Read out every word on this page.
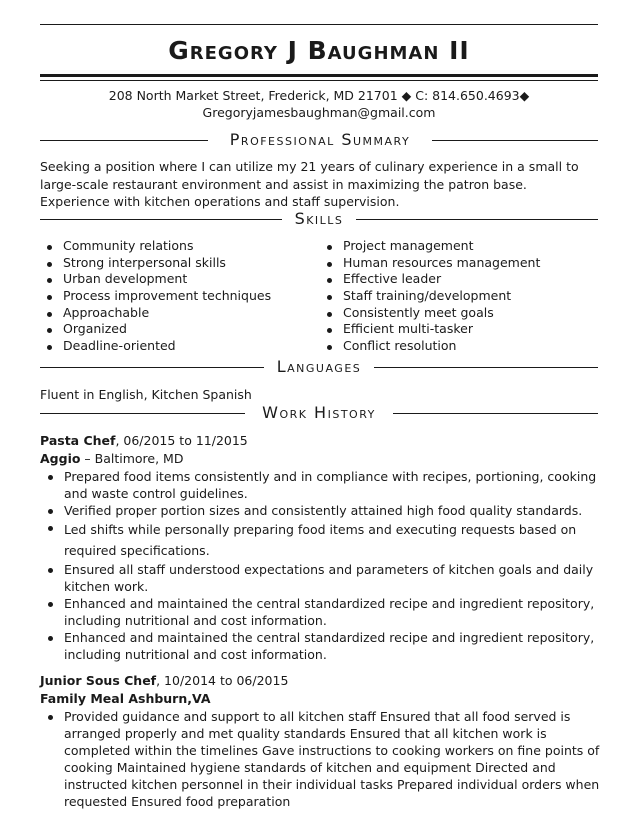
Gregory J Baughman II
208 North Market Street, Frederick, MD 21701 ◆ C: 814.650.4693◆
Gregoryjamesbaughman@gmail.com
Professional Summary
Seeking a position where I can utilize my 21 years of culinary experience in a small to large-scale restaurant environment and assist in maximizing the patron base. Experience with kitchen operations and staff supervision.
Skills
Community relations
Strong interpersonal skills
Urban development
Process improvement techniques
Approachable
Organized
Deadline-oriented
Project management
Human resources management
Effective leader
Staff training/development
Consistently meet goals
Efficient multi-tasker
Conflict resolution
Languages
Fluent in English, Kitchen Spanish
Work History
Pasta Chef, 06/2015 to 11/2015
Aggio – Baltimore, MD
Prepared food items consistently and in compliance with recipes, portioning, cooking and waste control guidelines.
Verified proper portion sizes and consistently attained high food quality standards.
Led shifts while personally preparing food items and executing requests based on required specifications.
Ensured all staff understood expectations and parameters of kitchen goals and daily kitchen work.
Enhanced and maintained the central standardized recipe and ingredient repository, including nutritional and cost information.
Enhanced and maintained the central standardized recipe and ingredient repository, including nutritional and cost information.
Junior Sous Chef, 10/2014 to 06/2015
Family Meal Ashburn,VA
Provided guidance and support to all kitchen staff Ensured that all food served is arranged properly and met quality standards Ensured that all kitchen work is completed within the timelines Gave instructions to cooking workers on fine points of cooking Maintained hygiene standards of kitchen and equipment Directed and instructed kitchen personnel in their individual tasks Prepared individual orders when requested Ensured food preparation
